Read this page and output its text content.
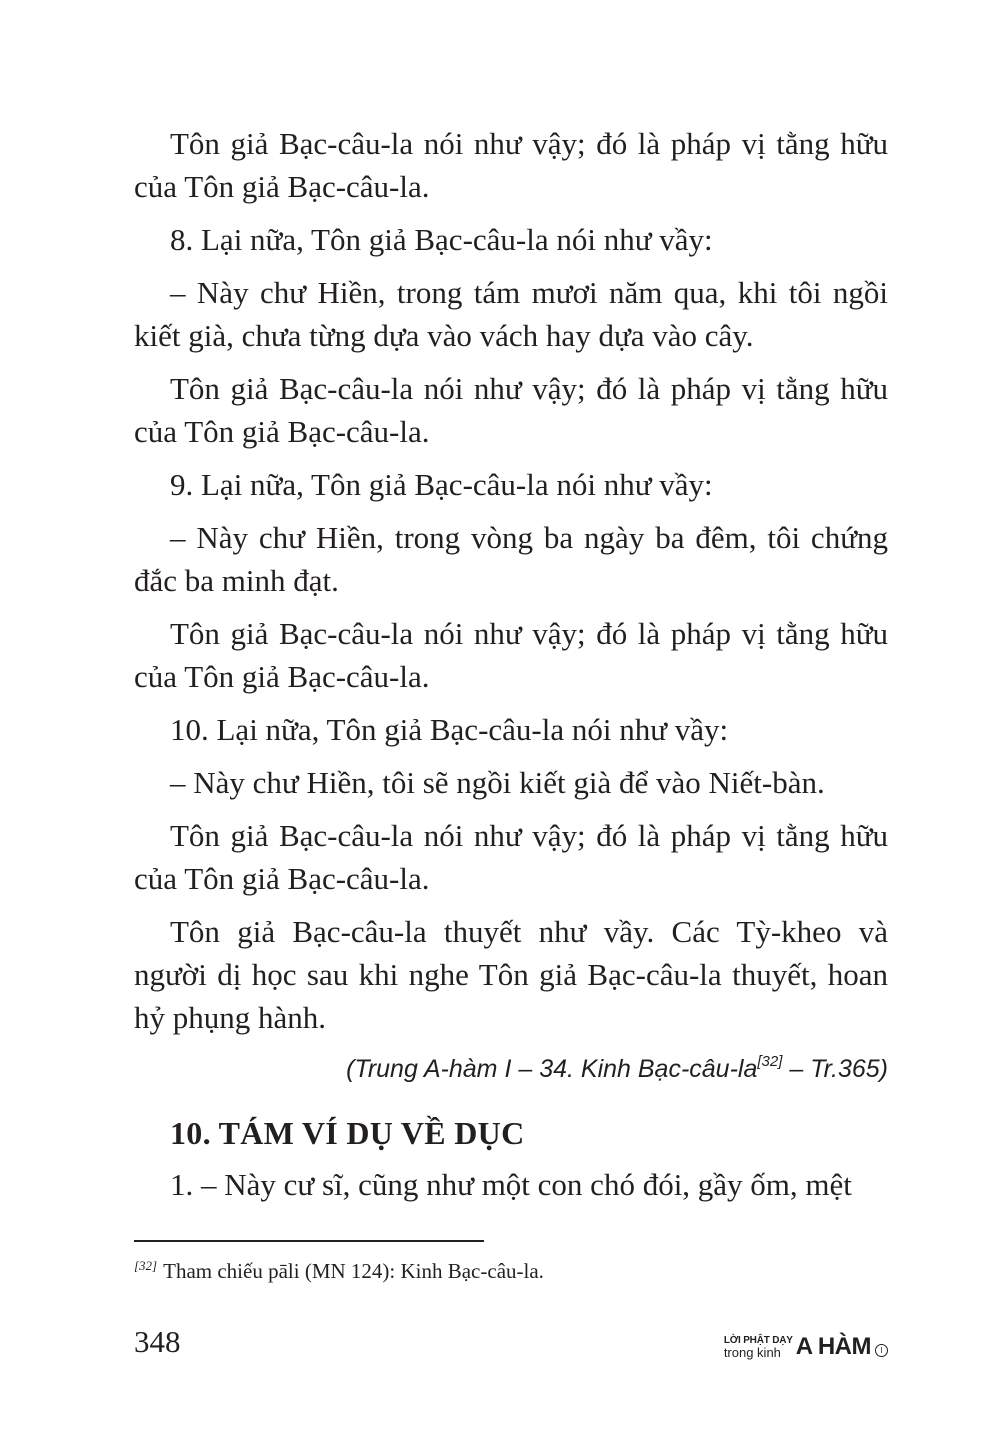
Tôn giả Bạc-câu-la nói như vậy; đó là pháp vị tằng hữu của Tôn giả Bạc-câu-la.

8. Lại nữa, Tôn giả Bạc-câu-la nói như vầy:

– Này chư Hiền, trong tám mươi năm qua, khi tôi ngồi kiết già, chưa từng dựa vào vách hay dựa vào cây.

Tôn giả Bạc-câu-la nói như vậy; đó là pháp vị tằng hữu của Tôn giả Bạc-câu-la.

9. Lại nữa, Tôn giả Bạc-câu-la nói như vầy:

– Này chư Hiền, trong vòng ba ngày ba đêm, tôi chứng đắc ba minh đạt.

Tôn giả Bạc-câu-la nói như vậy; đó là pháp vị tằng hữu của Tôn giả Bạc-câu-la.

10. Lại nữa, Tôn giả Bạc-câu-la nói như vầy:

– Này chư Hiền, tôi sẽ ngồi kiết già để vào Niết-bàn.

Tôn giả Bạc-câu-la nói như vậy; đó là pháp vị tằng hữu của Tôn giả Bạc-câu-la.

Tôn giả Bạc-câu-la thuyết như vầy. Các Tỳ-kheo và người dị học sau khi nghe Tôn giả Bạc-câu-la thuyết, hoan hỷ phụng hành.

(Trung A-hàm I – 34. Kinh Bạc-câu-la[32] – Tr.365)
10. TÁM VÍ DỤ VỀ DỤC

1. – Này cư sĩ, cũng như một con chó đói, gầy ốm, mệt

[32] Tham chiếu pāli (MN 124): Kinh Bạc-câu-la.
348	LỜI PHẬT DẠY
trong kinh A HÀM	I
